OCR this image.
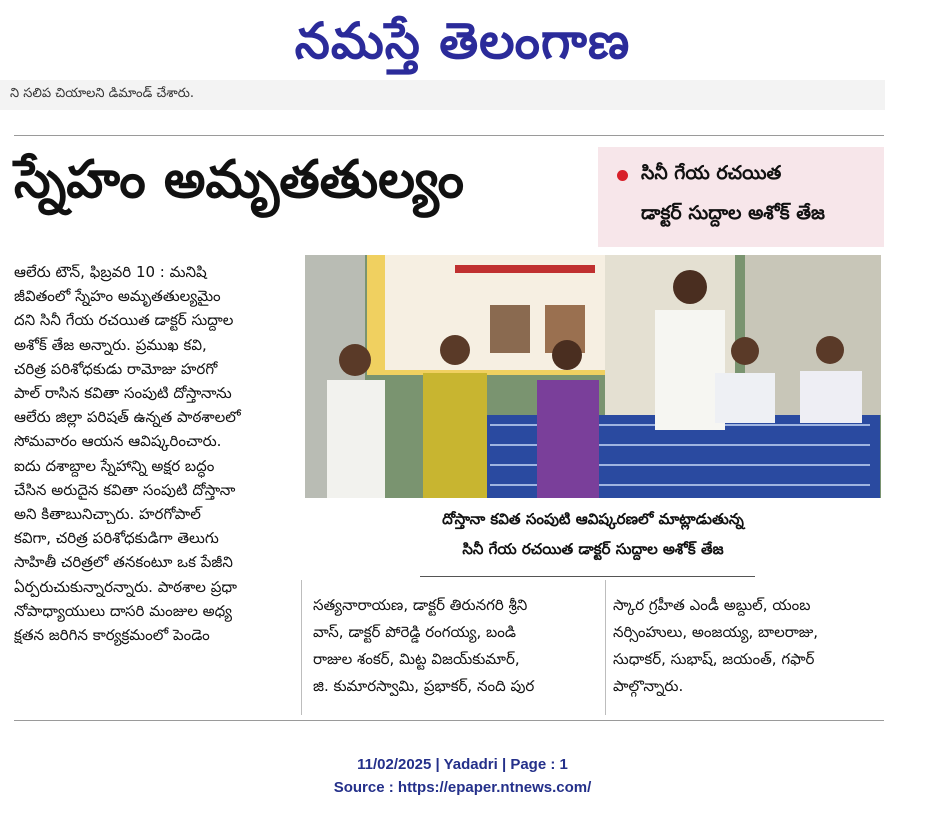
నమస్తే తెలంగాణ
ని సలిప చియాలని డిమాండ్ చేశారు.
స్నేహం అమృతతుల్యం	సినీ గేయ రచయిత
డాక్టర్ సుద్దాల అశోక్ తేజ
ఆలేరు టౌన్, ఫిబ్రవరి 10 : మనిషి
జీవితంలో స్నేహం అమృతతుల్యమైం
దని సినీ గేయ రచయిత డాక్టర్ సుద్దాల
అశోక్ తేజ అన్నారు. ప్రముఖ కవి,
చరిత్ర పరిశోధకుడు రామోజు హరగో
పాల్ రాసిన కవితా సంపుటి దోస్తానాను
ఆలేరు జిల్లా పరిషత్ ఉన్నత పాఠశాలలో
సోమవారం ఆయన ఆవిష్కరించారు.
ఐదు దశాబ్దాల స్నేహాన్ని అక్షర బద్ధం
చేసిన అరుదైన కవితా సంపుటి దోస్తానా
అని కితాబునిచ్చారు. హరగోపాల్
కవిగా, చరిత్ర పరిశోధకుడిగా తెలుగు
సాహితీ చరిత్రలో తనకంటూ ఒక పేజీని
ఏర్పరుచుకున్నారన్నారు. పాఠశాల ప్రధా
నోపాధ్యాయులు దాసరి మంజుల అధ్య
క్షతన జరిగిన కార్యక్రమంలో పెండెం
దోస్తానా కవిత సంపుటి ఆవిష్కరణలో మాట్లాడుతున్న
సినీ గేయ రచయిత డాక్టర్ సుద్దాల అశోక్ తేజ
సత్యనారాయణ, డాక్టర్ తిరునగరి శ్రీని
వాస్, డాక్టర్ పోరెడ్డి రంగయ్య, బండి
రాజుల శంకర్, మిట్ట విజయ్‌కుమార్,
జి. కుమారస్వామి, ప్రభాకర్, నంది పుర
స్కార గ్రహీత ఎండీ అబ్దుల్, యంబ
నర్సింహులు, అంజయ్య, బాలరాజు,
సుధాకర్, సుభాష్, జయంత్, గఫార్
పాల్గొన్నారు.
11/02/2025 | Yadadri | Page : 1
Source : https://epaper.ntnews.com/
